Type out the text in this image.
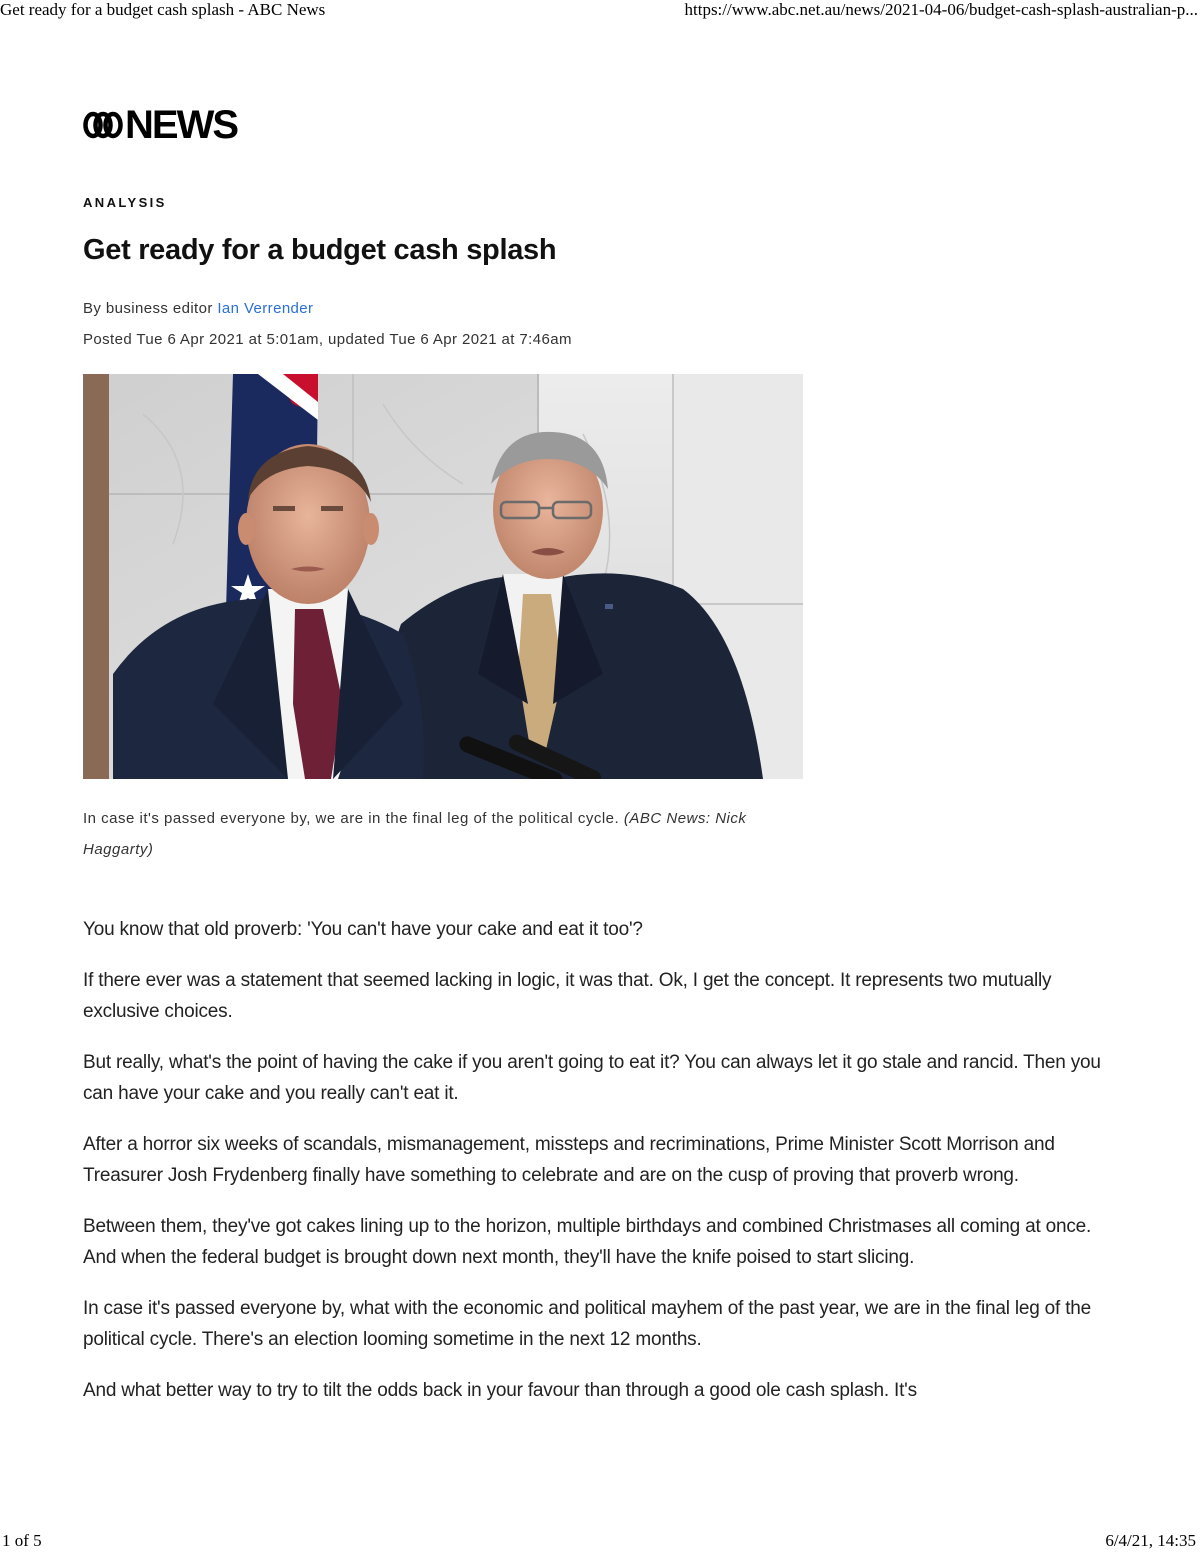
Get ready for a budget cash splash - ABC News	https://www.abc.net.au/news/2021-04-06/budget-cash-splash-australian-p...
NEWS
ANALYSIS
Get ready for a budget cash splash
By business editor Ian Verrender
Posted Tue 6 Apr 2021 at 5:01am, updated Tue 6 Apr 2021 at 7:46am
In case it's passed everyone by, we are in the final leg of the political cycle. (ABC News: Nick Haggarty)

You know that old proverb: 'You can't have your cake and eat it too'?

If there ever was a statement that seemed lacking in logic, it was that. Ok, I get the concept. It represents two mutually exclusive choices.

But really, what's the point of having the cake if you aren't going to eat it? You can always let it go stale and rancid. Then you can have your cake and you really can't eat it.

After a horror six weeks of scandals, mismanagement, missteps and recriminations, Prime Minister Scott Morrison and Treasurer Josh Frydenberg finally have something to celebrate and are on the cusp of proving that proverb wrong.

Between them, they've got cakes lining up to the horizon, multiple birthdays and combined Christmases all coming at once. And when the federal budget is brought down next month, they'll have the knife poised to start slicing.

In case it's passed everyone by, what with the economic and political mayhem of the past year, we are in the final leg of the political cycle. There's an election looming sometime in the next 12 months.

And what better way to try to tilt the odds back in your favour than through a good ole cash splash. It's

1 of 5	6/4/21, 14:35
